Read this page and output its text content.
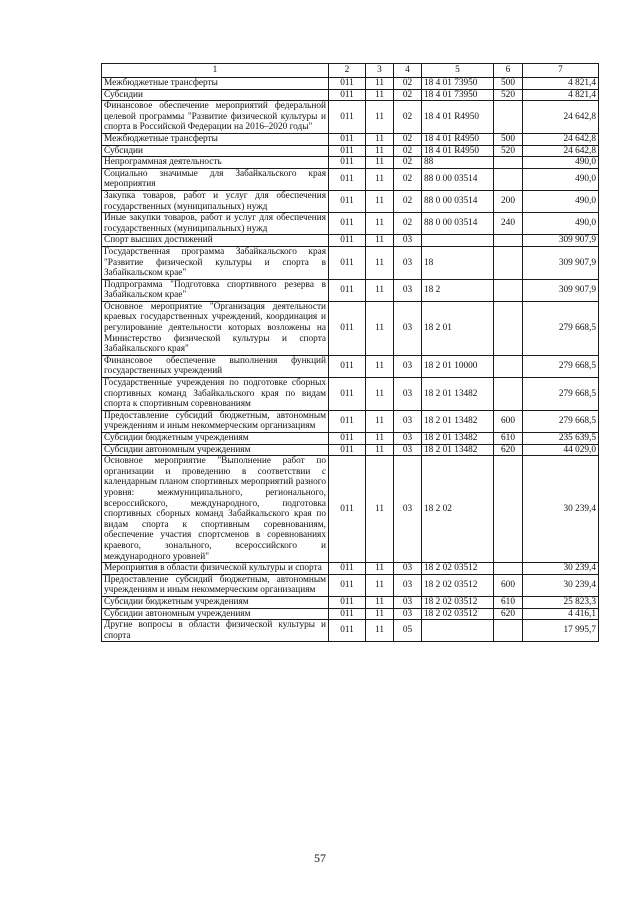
1	2	3	4	5	6	7
Межбюджетные трансферты	011	11	02	18 4 01 73950	500	4 821,4
Субсидии	011	11	02	18 4 01 73950	520	4 821,4
Финансовое обеспечение мероприятий федеральной целевой программы "Развитие физической культуры и спорта в Российской Федерации на 2016–2020 годы"	011	11	02	18 4 01 R4950		24 642,8
Межбюджетные трансферты	011	11	02	18 4 01 R4950	500	24 642,8
Субсидии	011	11	02	18 4 01 R4950	520	24 642,8
Непрограммная деятельность	011	11	02	88		490,0
Социально значимые для Забайкальского края мероприятия	011	11	02	88 0 00 03514		490,0
Закупка товаров, работ и услуг для обеспечения государственных (муниципальных) нужд	011	11	02	88 0 00 03514	200	490,0
Иные закупки товаров, работ и услуг для обеспечения государственных (муниципальных) нужд	011	11	02	88 0 00 03514	240	490,0
Спорт высших достижений	011	11	03			309 907,9
Государственная программа Забайкальского края "Развитие физической культуры и спорта в Забайкальском крае"	011	11	03	18		309 907,9
Подпрограмма "Подготовка спортивного резерва в Забайкальском крае"	011	11	03	18 2		309 907,9
Основное мероприятие "Организация деятельности краевых государственных учреждений, координация и регулирование деятельности которых возложены на Министерство физической культуры и спорта Забайкальского края"	011	11	03	18 2 01		279 668,5
Финансовое обеспечение выполнения функций государственных учреждений	011	11	03	18 2 01 10000		279 668,5
Государственные учреждения по подготовке сборных спортивных команд Забайкальского края по видам спорта к спортивным соревнованиям	011	11	03	18 2 01 13482		279 668,5
Предоставление субсидий бюджетным, автономным учреждениям и иным некоммерческим организациям	011	11	03	18 2 01 13482	600	279 668,5
Субсидии бюджетным учреждениям	011	11	03	18 2 01 13482	610	235 639,5
Субсидии автономным учреждениям	011	11	03	18 2 01 13482	620	44 029,0
Основное мероприятие "Выполнение работ по организации и проведению в соответствии с календарным планом спортивных мероприятий разного уровня: межмуниципального, регионального, всероссийского, международного, подготовка спортивных сборных команд Забайкальского края по видам спорта к спортивным соревнованиям, обеспечение участия спортсменов в соревнованиях краевого, зонального, всероссийского и международного уровней"	011	11	03	18 2 02		30 239,4
Мероприятия в области физической культуры и спорта	011	11	03	18 2 02 03512		30 239,4
Предоставление субсидий бюджетным, автономным учреждениям и иным некоммерческим организациям	011	11	03	18 2 02 03512	600	30 239,4
Субсидии бюджетным учреждениям	011	11	03	18 2 02 03512	610	25 823,3
Субсидии автономным учреждениям	011	11	03	18 2 02 03512	620	4 416,1
Другие вопросы в области физической культуры и спорта	011	11	05			17 995,7
57
